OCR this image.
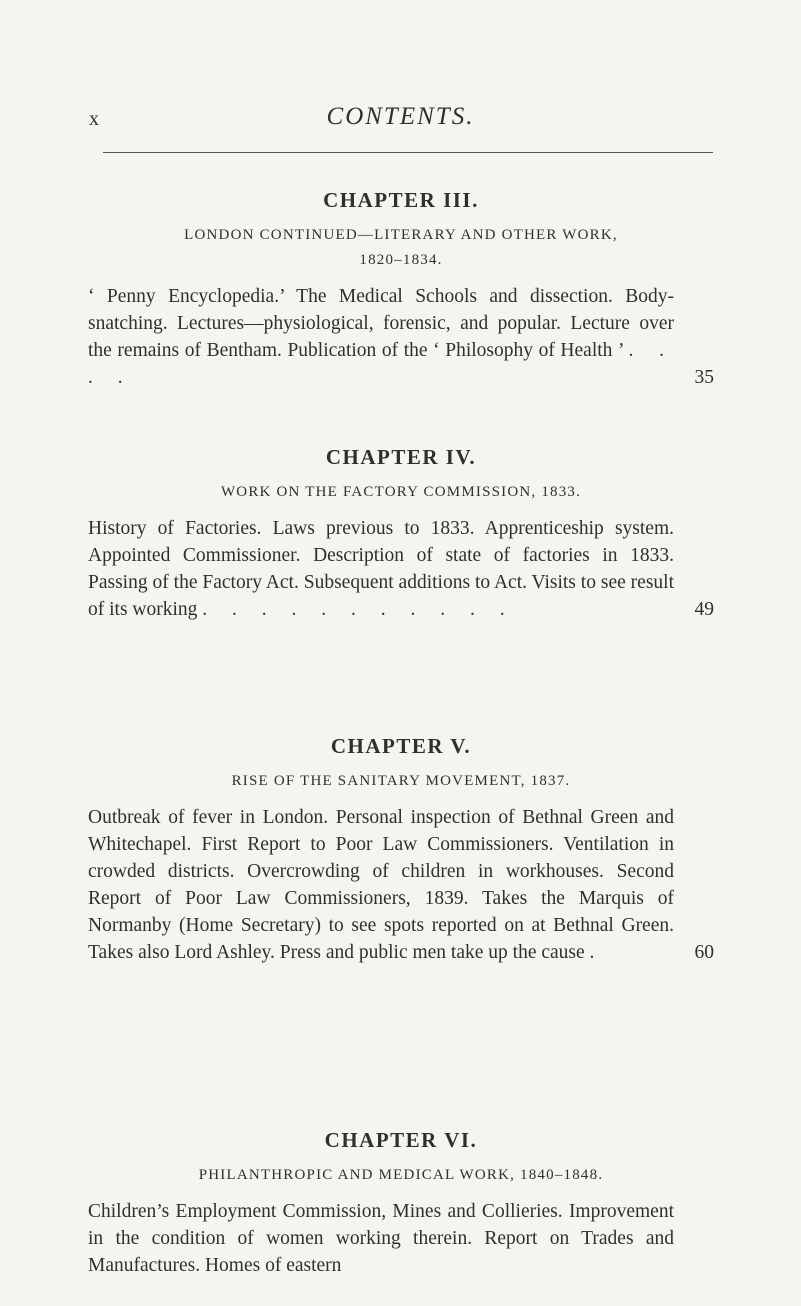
x	CONTENTS.
CHAPTER III.

LONDON CONTINUED—LITERARY AND OTHER WORK, 1820–1834.

‘ Penny Encyclopedia.’ The Medical Schools and dissection. Body-snatching. Lectures—physiological, forensic, and popular. Lecture over the remains of Bentham. Publication of the ‘ Philosophy of Health ’ . . . .	35
CHAPTER IV.

WORK ON THE FACTORY COMMISSION, 1833.

History of Factories. Laws previous to 1833. Apprenticeship system. Appointed Commissioner. Description of state of factories in 1833. Passing of the Factory Act. Subsequent additions to Act. Visits to see result of its working . . . . . . . . . . .	49
CHAPTER V.

RISE OF THE SANITARY MOVEMENT, 1837.

Outbreak of fever in London. Personal inspection of Bethnal Green and Whitechapel. First Report to Poor Law Commissioners. Ventilation in crowded districts. Overcrowding of children in workhouses. Second Report of Poor Law Commissioners, 1839. Takes the Marquis of Normanby (Home Secretary) to see spots reported on at Bethnal Green. Takes also Lord Ashley. Press and public men take up the cause .	60
CHAPTER VI.

PHILANTHROPIC AND MEDICAL WORK, 1840–1848.

Children’s Employment Commission, Mines and Collieries. Improvement in the condition of women working therein. Report on Trades and Manufactures. Homes of eastern
